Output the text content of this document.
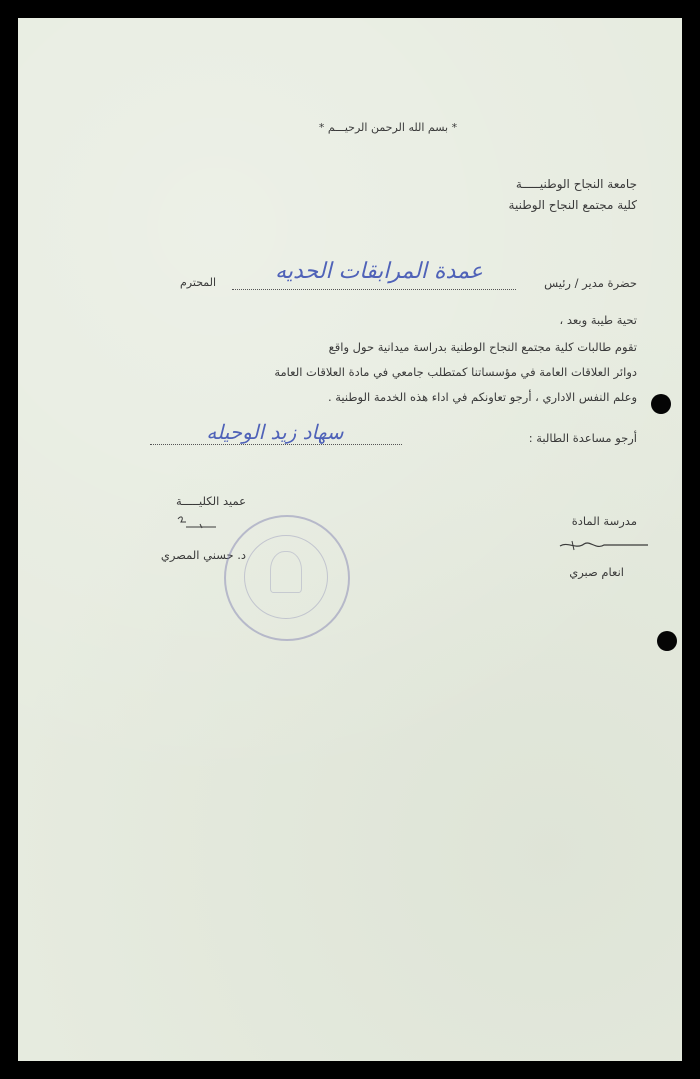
* بسم الله الرحمن الرحيـــم *
جامعة النجاح الوطنيـــــة
كلية مجتمع النجاح الوطنية
حضرة مدير / رئيس
عمدة المرابقات الحديه
المحترم
تحية طيبة وبعد ،
تقوم طالبات كلية مجتمع النجاح الوطنية بدراسة ميدانية حول واقع
دوائر العلاقات العامة في مؤسساتنا كمتطلب جامعي في مادة العلاقات العامة
وعلم النفس الاداري ، أرجو تعاونكم في اداء هذه الخدمة الوطنية .
أرجو مساعدة الطالبة :
سهاد زيد الوحيله
عميد الكليـــــة
د. حسني المصري
مدرسة المادة
انعام صبري
